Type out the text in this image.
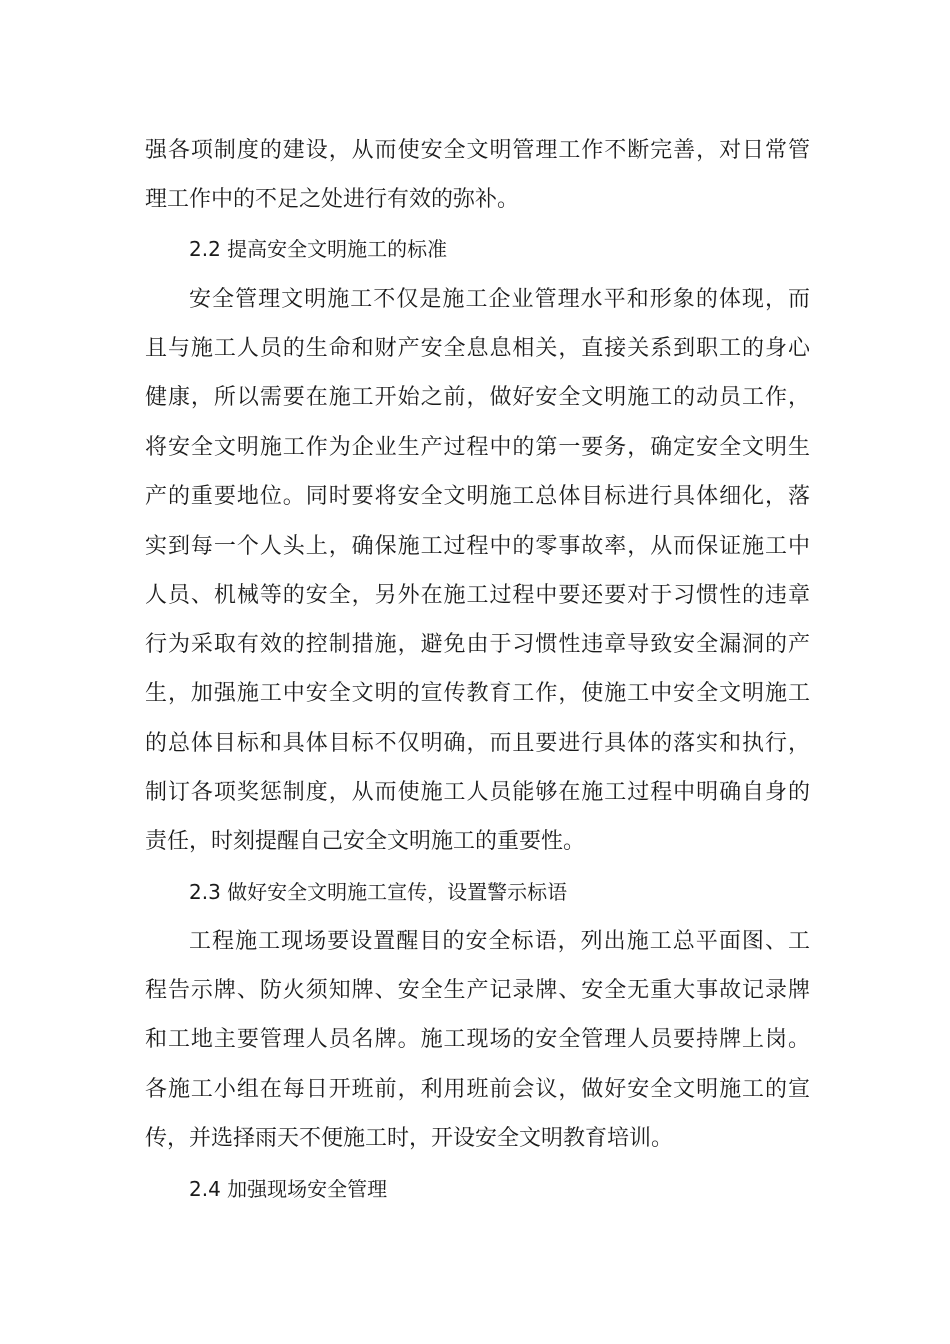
强各项制度的建设，从而使安全文明管理工作不断完善，对日常管
理工作中的不足之处进行有效的弥补。
2.2 提高安全文明施工的标准
安全管理文明施工不仅是施工企业管理水平和形象的体现，而
且与施工人员的生命和财产安全息息相关，直接关系到职工的身心
健康，所以需要在施工开始之前，做好安全文明施工的动员工作，
将安全文明施工作为企业生产过程中的第一要务，确定安全文明生
产的重要地位。同时要将安全文明施工总体目标进行具体细化，落
实到每一个人头上，确保施工过程中的零事故率，从而保证施工中
人员、机械等的安全，另外在施工过程中要还要对于习惯性的违章
行为采取有效的控制措施，避免由于习惯性违章导致安全漏洞的产
生，加强施工中安全文明的宣传教育工作，使施工中安全文明施工
的总体目标和具体目标不仅明确，而且要进行具体的落实和执行，
制订各项奖惩制度，从而使施工人员能够在施工过程中明确自身的
责任，时刻提醒自己安全文明施工的重要性。
2.3 做好安全文明施工宣传，设置警示标语
工程施工现场要设置醒目的安全标语，列出施工总平面图、工
程告示牌、防火须知牌、安全生产记录牌、安全无重大事故记录牌
和工地主要管理人员名牌。施工现场的安全管理人员要持牌上岗。
各施工小组在每日开班前，利用班前会议，做好安全文明施工的宣
传，并选择雨天不便施工时，开设安全文明教育培训。
2.4 加强现场安全管理
